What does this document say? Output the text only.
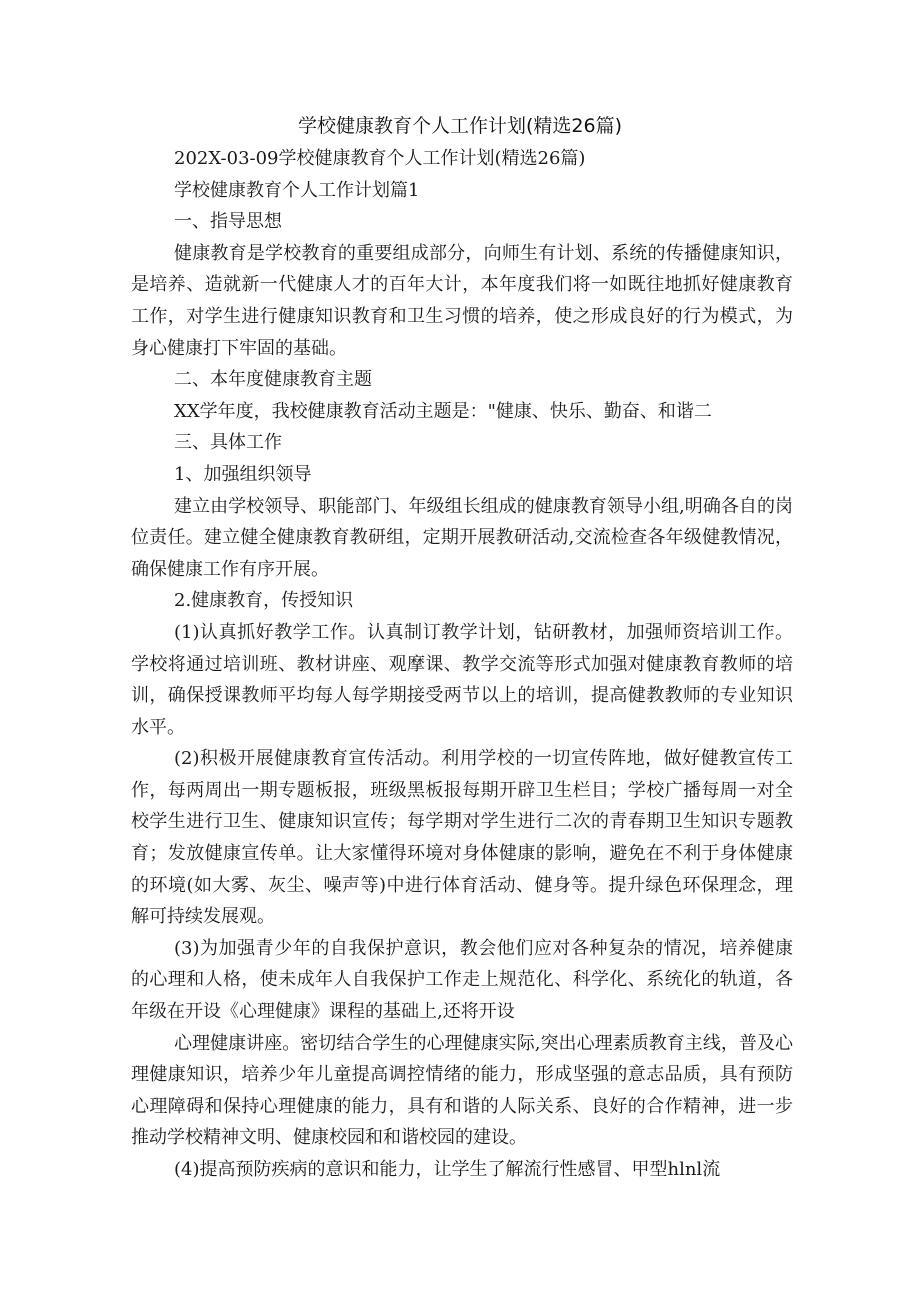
学校健康教育个人工作计划(精选26篇)

202X-03-09学校健康教育个人工作计划(精选26篇)

学校健康教育个人工作计划篇1

一、指导思想

健康教育是学校教育的重要组成部分，向师生有计划、系统的传播健康知识，是培养、造就新一代健康人才的百年大计，本年度我们将一如既往地抓好健康教育工作，对学生进行健康知识教育和卫生习惯的培养，使之形成良好的行为模式，为身心健康打下牢固的基础。

二、本年度健康教育主题

XX学年度，我校健康教育活动主题是："健康、快乐、勤奋、和谐二

三、具体工作

1、加强组织领导

建立由学校领导、职能部门、年级组长组成的健康教育领导小组,明确各自的岗位责任。建立健全健康教育教研组，定期开展教研活动,交流检查各年级健教情况，确保健康工作有序开展。

2.健康教育，传授知识

(1)认真抓好教学工作。认真制订教学计划，钻研教材，加强师资培训工作。学校将通过培训班、教材讲座、观摩课、教学交流等形式加强对健康教育教师的培训，确保授课教师平均每人每学期接受两节以上的培训，提高健教教师的专业知识水平。

(2)积极开展健康教育宣传活动。利用学校的一切宣传阵地，做好健教宣传工作，每两周出一期专题板报，班级黑板报每期开辟卫生栏目；学校广播每周一对全校学生进行卫生、健康知识宣传；每学期对学生进行二次的青春期卫生知识专题教育；发放健康宣传单。让大家懂得环境对身体健康的影响，避免在不利于身体健康的环境(如大雾、灰尘、噪声等)中进行体育活动、健身等。提升绿色环保理念，理解可持续发展观。

(3)为加强青少年的自我保护意识，教会他们应对各种复杂的情况，培养健康的心理和人格，使未成年人自我保护工作走上规范化、科学化、系统化的轨道，各年级在开设《心理健康》课程的基础上,还将开设

心理健康讲座。密切结合学生的心理健康实际,突出心理素质教育主线，普及心理健康知识，培养少年儿童提高调控情绪的能力，形成坚强的意志品质，具有预防心理障碍和保持心理健康的能力，具有和谐的人际关系、良好的合作精神，进一步推动学校精神文明、健康校园和和谐校园的建设。

(4)提高预防疾病的意识和能力，让学生了解流行性感冒、甲型hlnl流
